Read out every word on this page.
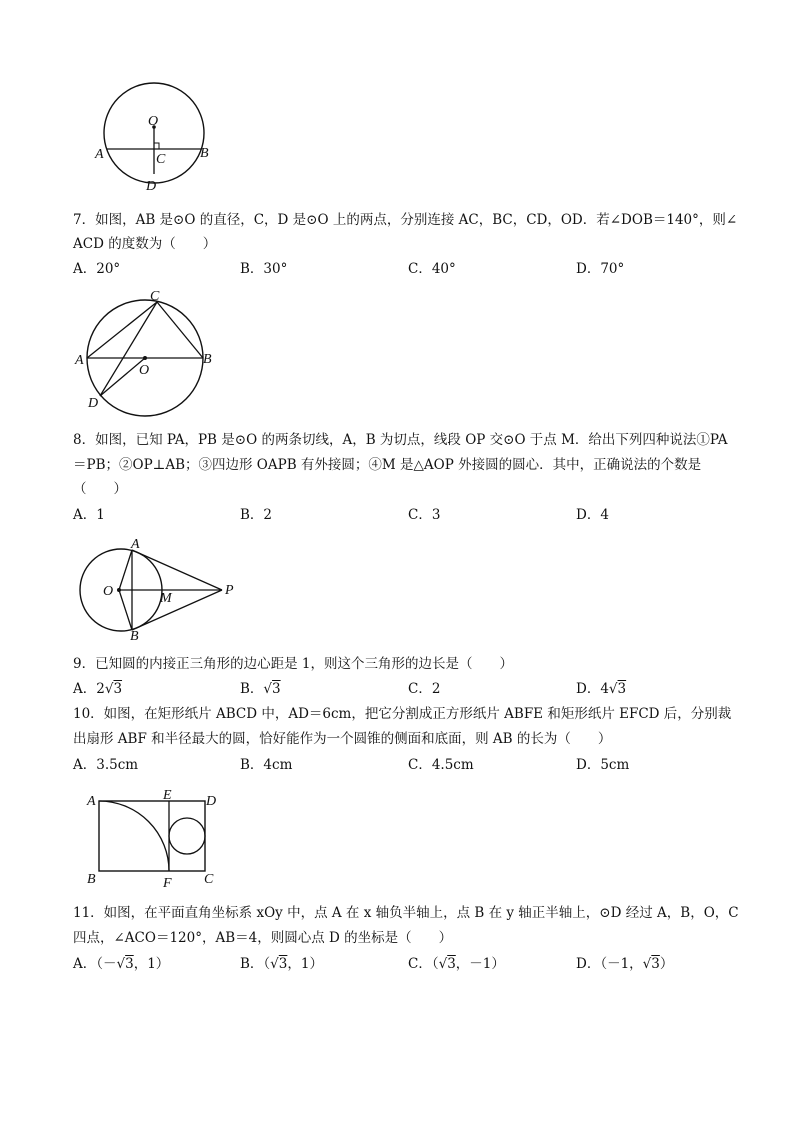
O
A	B
C
D
7．如图，AB 是⊙O 的直径，C，D 是⊙O 上的两点，分别连接 AC，BC，CD，OD．若∠DOB＝140°，则∠
ACD 的度数为（　　）
A．20°	B．30°	C．40°	D．70°
C
A	B
O
D
8．如图，已知 PA，PB 是⊙O 的两条切线，A，B 为切点，线段 OP 交⊙O 于点 M．给出下列四种说法①PA
＝PB；②OP⊥AB；③四边形 OAPB 有外接圆；④M 是△AOP 外接圆的圆心．其中，正确说法的个数是
（　　）
A．1	B．2	C．3	D．4
A
O	M
P
B
9．已知圆的内接正三角形的边心距是 1，则这个三角形的边长是（　　）
A．2√3	B．√3	C．2	D．4√3
10．如图，在矩形纸片 ABCD 中，AD＝6cm，把它分割成正方形纸片 ABFE 和矩形纸片 EFCD 后，分别裁
出扇形 ABF 和半径最大的圆，恰好能作为一个圆锥的侧面和底面，则 AB 的长为（　　）
A．3.5cm	B．4cm	C．4.5cm	D．5cm
A	E D
B	F C
11．如图，在平面直角坐标系 xOy 中，点 A 在 x 轴负半轴上，点 B 在 y 轴正半轴上，⊙D 经过 A，B，O，C
四点，∠ACO＝120°，AB＝4，则圆心点 D 的坐标是（　　）
A．（－√3，1）	B．（√3，1）	C．（√3，－1）	D．（－1，√3）
